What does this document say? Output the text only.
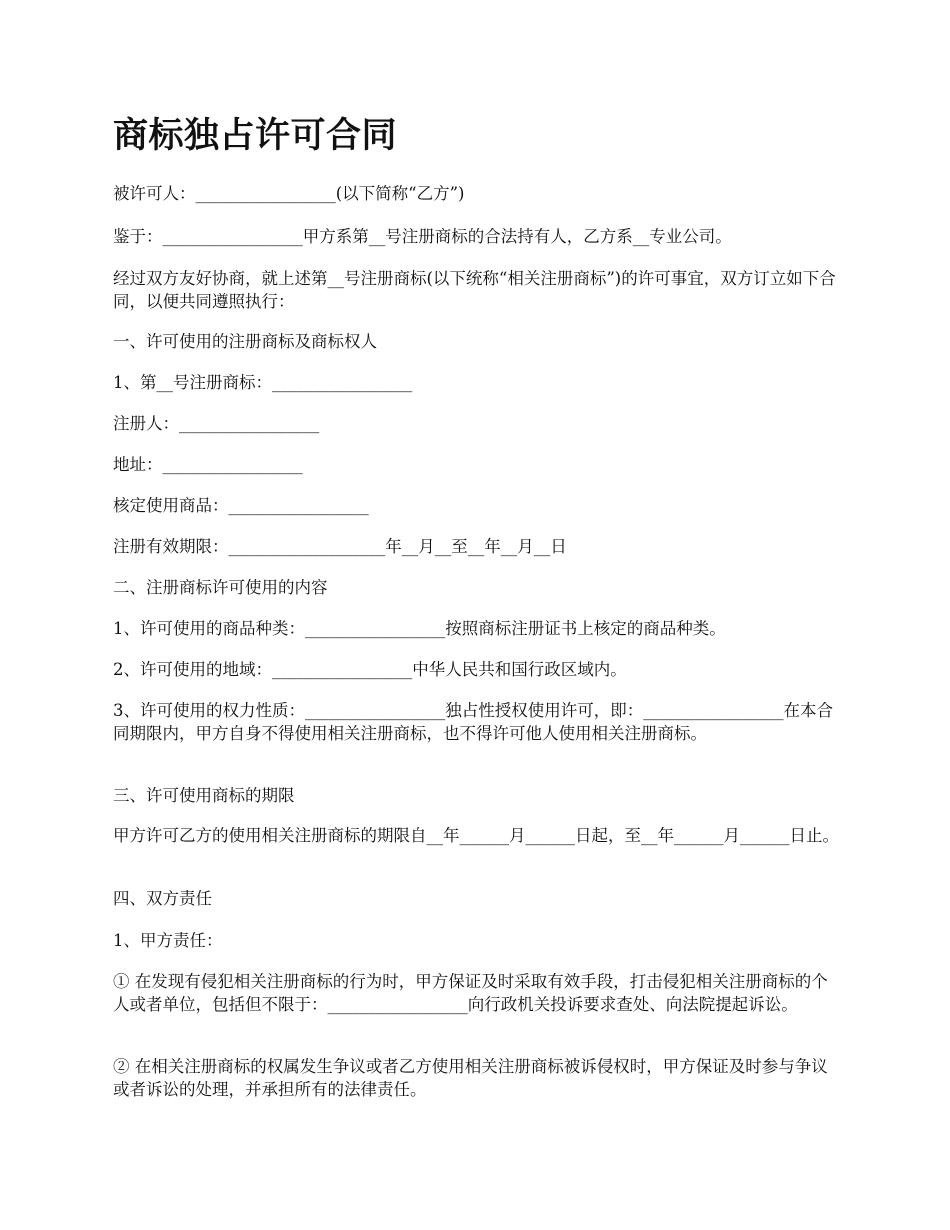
商标独占许可合同

被许可人：_________________(以下简称“乙方”)

鉴于：_________________甲方系第__号注册商标的合法持有人，乙方系__专业公司。

经过双方友好协商，就上述第__号注册商标(以下统称“相关注册商标”)的许可事宜，双方订立如下合同，以便共同遵照执行：

一、许可使用的注册商标及商标权人

1、第__号注册商标：_________________

注册人：_________________

地址：_________________

核定使用商品：_________________

注册有效期限：___________________年__月__至__年__月__日

二、注册商标许可使用的内容

1、许可使用的商品种类：_________________按照商标注册证书上核定的商品种类。

2、许可使用的地域：_________________中华人民共和国行政区域内。

3、许可使用的权力性质：_________________独占性授权使用许可，即：_________________在本合同期限内，甲方自身不得使用相关注册商标，也不得许可他人使用相关注册商标。

三、许可使用商标的期限

甲方许可乙方的使用相关注册商标的期限自__年______月______日起，至__年______月______日止。

四、双方责任

1、甲方责任：

① 在发现有侵犯相关注册商标的行为时，甲方保证及时采取有效手段，打击侵犯相关注册商标的个人或者单位，包括但不限于：_________________向行政机关投诉要求查处、向法院提起诉讼。

② 在相关注册商标的权属发生争议或者乙方使用相关注册商标被诉侵权时，甲方保证及时参与争议或者诉讼的处理，并承担所有的法律责任。
